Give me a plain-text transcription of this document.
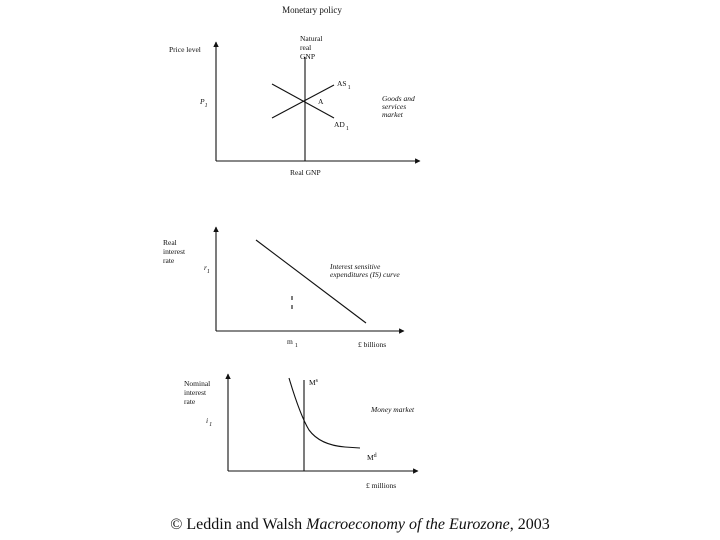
Monetary policy
Price level
Real GNP
Natural
real
GNP
$AS_1$
$AD_1$
A
$P_1$
Goods and
services
market
Real
interest
rate
$r_1$
m $_1$
Interest sensitive
expenditures (IS) curve
£ billions
Nominal
interest
rate
$M^s$
$M^d$
$i_1$
Money market
£ millions
© Leddin and Walsh Macroeconomy of the Eurozone, 2003
